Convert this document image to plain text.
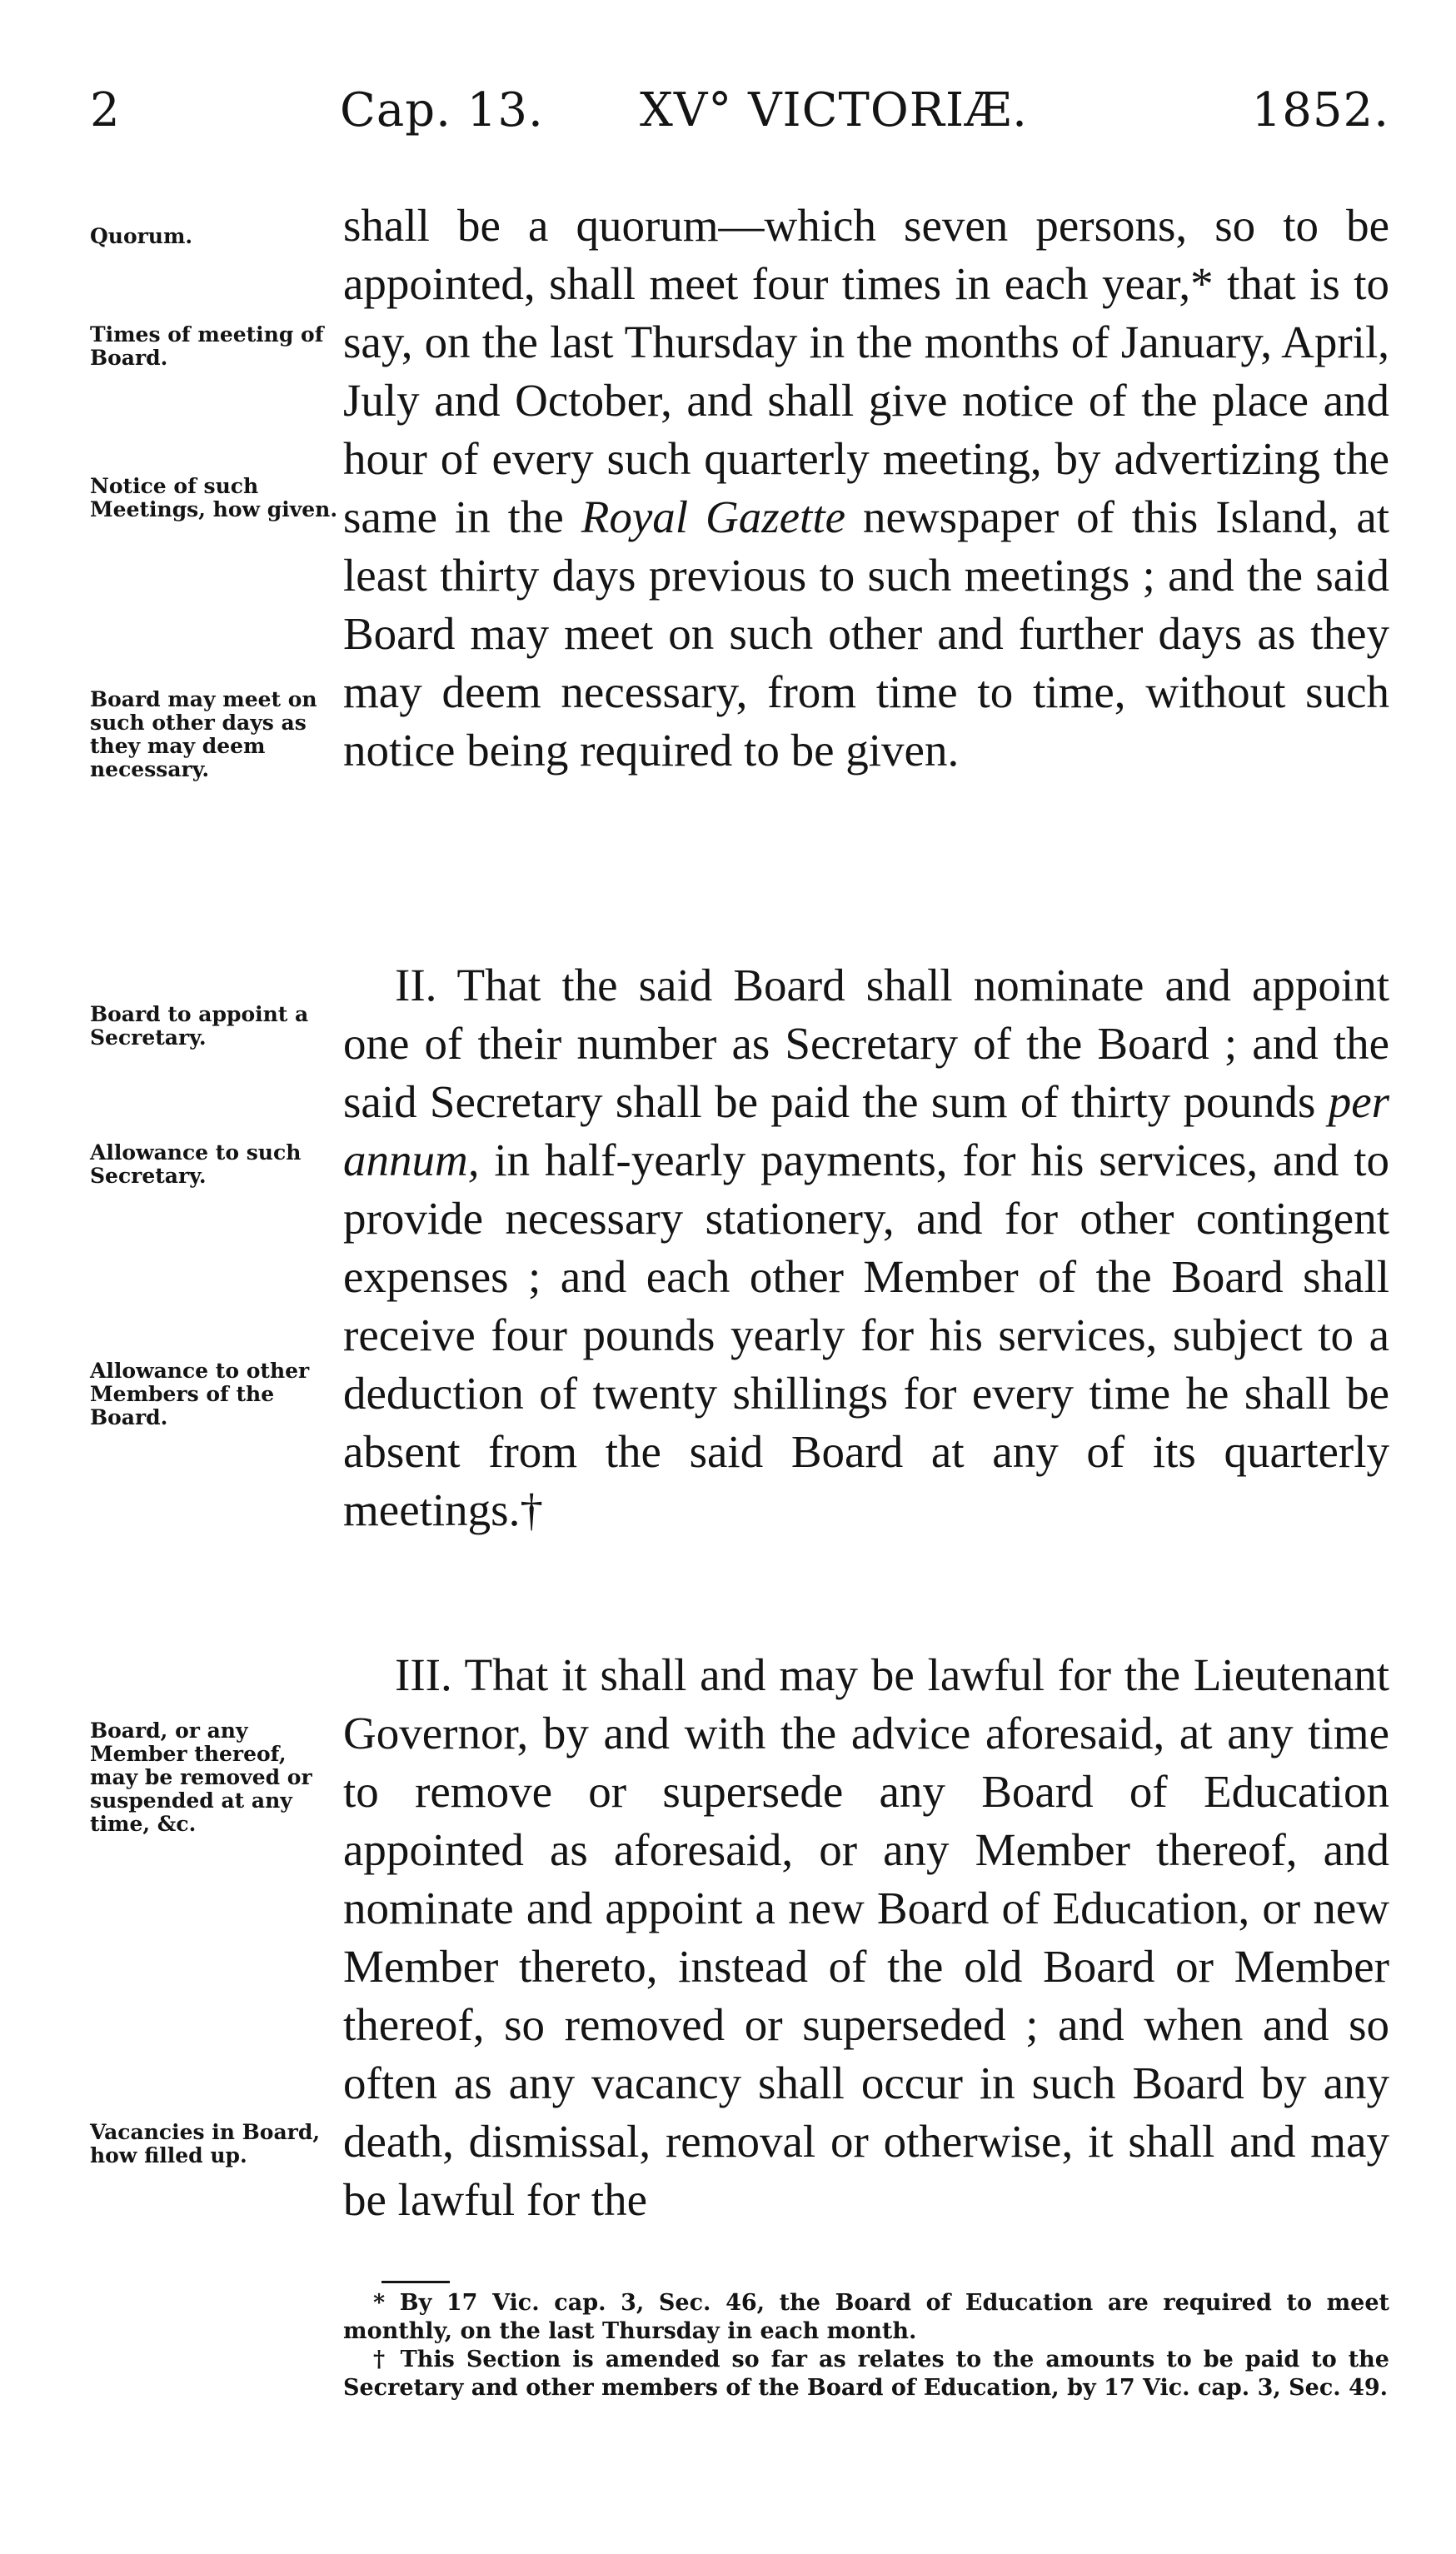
2	Cap. 13. XV° VICTORIÆ.	1852.
Quorum.
Times of meeting of Board.
Notice of such Meetings, how given.
Board may meet on such other days as they may deem necessary.
Board to appoint a Secretary.
Allowance to such Secretary.
Allowance to other Members of the Board.
Board, or any Member thereof, may be removed or suspended at any time, &c.
Vacancies in Board, how filled up.

shall be a quorum—which seven persons, so to be appointed, shall meet four times in each year,* that is to say, on the last Thursday in the months of January, April, July and October, and shall give notice of the place and hour of every such quarterly meeting, by advertizing the same in the Royal Gazette newspaper of this Island, at least thirty days previous to such meetings ; and the said Board may meet on such other and further days as they may deem necessary, from time to time, without such notice being required to be given.

II. That the said Board shall nominate and appoint one of their number as Secretary of the Board ; and the said Secretary shall be paid the sum of thirty pounds per annum, in half-yearly payments, for his services, and to provide necessary stationery, and for other contingent expenses ; and each other Member of the Board shall receive four pounds yearly for his services, subject to a deduction of twenty shillings for every time he shall be absent from the said Board at any of its quarterly meetings.†

III. That it shall and may be lawful for the Lieutenant Governor, by and with the advice aforesaid, at any time to remove or supersede any Board of Education appointed as aforesaid, or any Member thereof, and nominate and appoint a new Board of Education, or new Member thereto, instead of the old Board or Member thereof, so removed or superseded ; and when and so often as any vacancy shall occur in such Board by any death, dismissal, removal or otherwise, it shall and may be lawful for the

* By 17 Vic. cap. 3, Sec. 46, the Board of Education are required to meet monthly, on the last Thursday in each month.

† This Section is amended so far as relates to the amounts to be paid to the Secretary and other members of the Board of Education, by 17 Vic. cap. 3, Sec. 49.
